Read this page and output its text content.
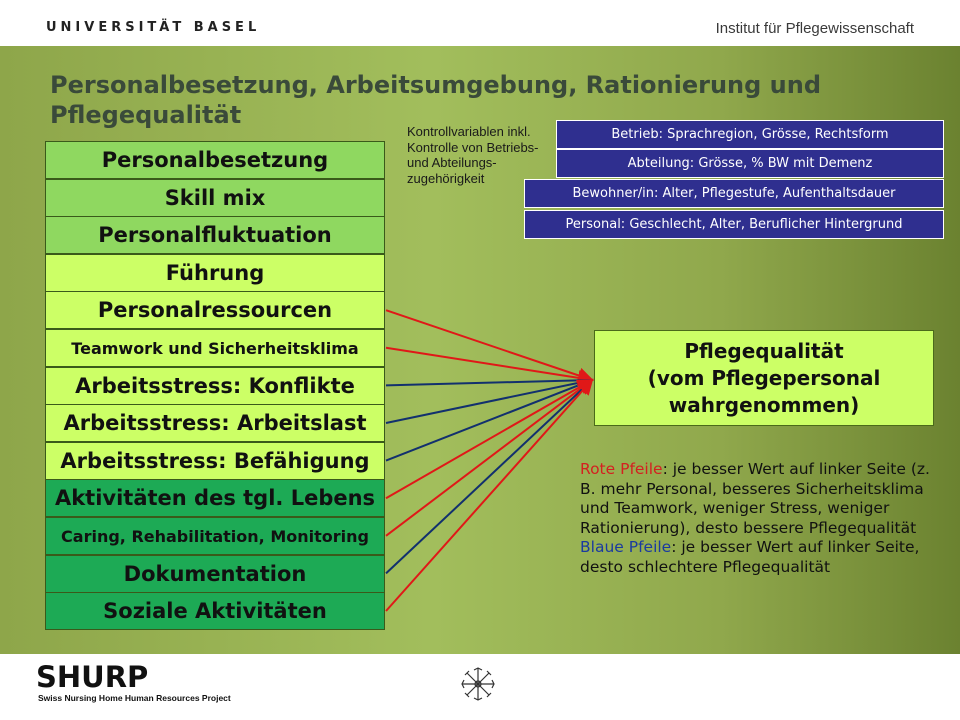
UNIVERSITÄT BASEL	Institut für Pflegewissenschaft
Personalbesetzung, Arbeitsumgebung, Rationierung und Pflegequalität
Personalbesetzung
Skill mix
Personalfluktuation
Führung
Personalressourcen
Teamwork und Sicherheitsklima
Arbeitsstress: Konflikte
Arbeitsstress: Arbeitslast
Arbeitsstress: Befähigung
Aktivitäten des tgl. Lebens
Caring, Rehabilitation, Monitoring
Dokumentation
Soziale Aktivitäten
Kontrollvariablen inkl. Kontrolle von Betriebs- und Abteilungs-zugehörigkeit
Betrieb: Sprachregion, Grösse, Rechtsform
Abteilung: Grösse, % BW mit Demenz
Bewohner/in: Alter, Pflegestufe, Aufenthaltsdauer
Personal: Geschlecht, Alter, Beruflicher Hintergrund
Pflegequalität
(vom Pflegepersonal
wahrgenommen)
Rote Pfeile: je besser Wert auf linker Seite (z. B. mehr Personal, besseres Sicherheitsklima und Teamwork, weniger Stress, weniger Rationierung), desto bessere Pflegequalität
Blaue Pfeile: je besser Wert auf linker Seite, desto schlechtere Pflegequalität
SHURP
Swiss Nursing Home Human Resources Project
